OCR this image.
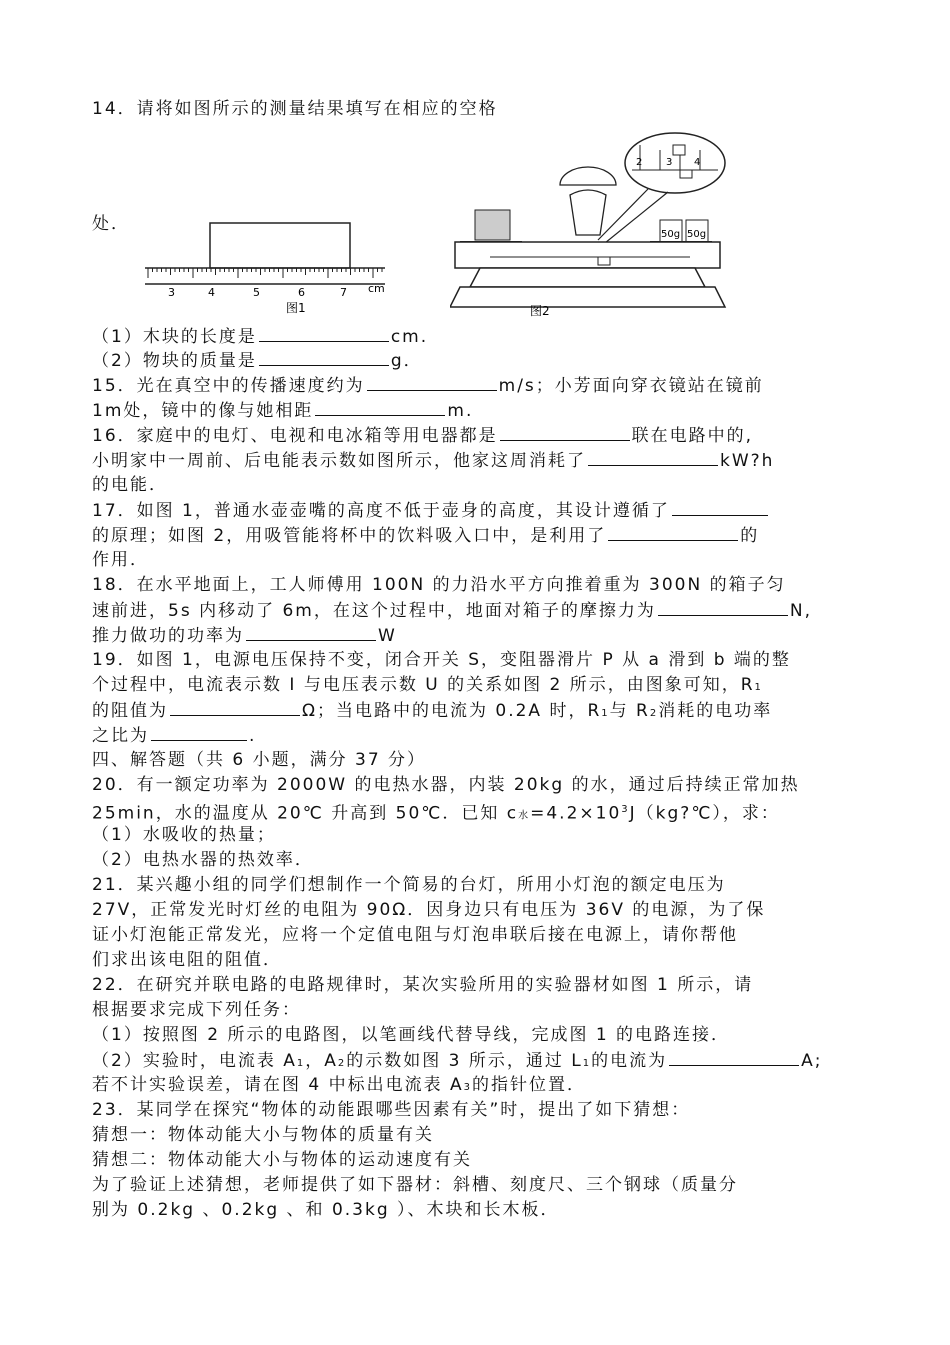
14．请将如图所示的测量结果填写在相应的空格
处．
3	4	5	6	7 cm
图1
2 3 4
50g 50g
图2
（1）木块的长度是	cm.
（2）物块的质量是	g．
15．光在真空中的传播速度约为	m/s；小芳面向穿衣镜站在镜前
1m处，镜中的像与她相距	m.
16．家庭中的电灯、电视和电冰箱等用电器都是	联在电路中的,
小明家中一周前、后电能表示数如图所示，他家这周消耗了	kW?h
的电能．
17．如图 1，普通水壶壶嘴的高度不低于壶身的高度，其设计遵循了
的原理；如图 2，用吸管能将杯中的饮料吸入口中，是利用了	的
作用．
18．在水平地面上，工人师傅用 100N 的力沿水平方向推着重为 300N 的箱子匀
速前进，5s 内移动了 6m，在这个过程中，地面对箱子的摩擦力为	N,
推力做功的功率为	W
19．如图 1，电源电压保持不变，闭合开关 S，变阻器滑片 P 从 a 滑到 b 端的整
个过程中，电流表示数 I 与电压表示数 U 的关系如图 2 所示，由图象可知，R1
的阻值为	Ω；当电路中的电流为 0.2A 时，R1与 R2消耗的电功率
之比为	.
四、解答题（共 6 小题，满分 37 分）
20．有一额定功率为 2000W 的电热水器，内装 20kg 的水，通过后持续正常加热
25min，水的温度从 20℃ 升高到 50℃．已知 c水$=4.2\times 10^3J(kg?℃)$，求：
（1）水吸收的热量；
（2）电热水器的热效率．
21．某兴趣小组的同学们想制作一个简易的台灯，所用小灯泡的额定电压为
27V，正常发光时灯丝的电阻为 90Ω．因身边只有电压为 36V 的电源，为了保
证小灯泡能正常发光，应将一个定值电阻与灯泡串联后接在电源上，请你帮他
们求出该电阻的阻值．
22．在研究并联电路的电路规律时，某次实验所用的实验器材如图 1 所示，请
根据要求完成下列任务：
（1）按照图 2 所示的电路图，以笔画线代替导线，完成图 1 的电路连接．
（2）实验时，电流表 A1，A2的示数如图 3 所示，通过 L1的电流为	A;
若不计实验误差，请在图 4 中标出电流表 A3的指针位置．
23．某同学在探究“物体的动能跟哪些因素有关”时，提出了如下猜想：
猜想一：物体动能大小与物体的质量有关
猜想二：物体动能大小与物体的运动速度有关
为了验证上述猜想，老师提供了如下器材：斜槽、刻度尺、三个钢球（质量分
别为 0.2kg 、0.2kg 、和 0.3kg ）、木块和长木板．
